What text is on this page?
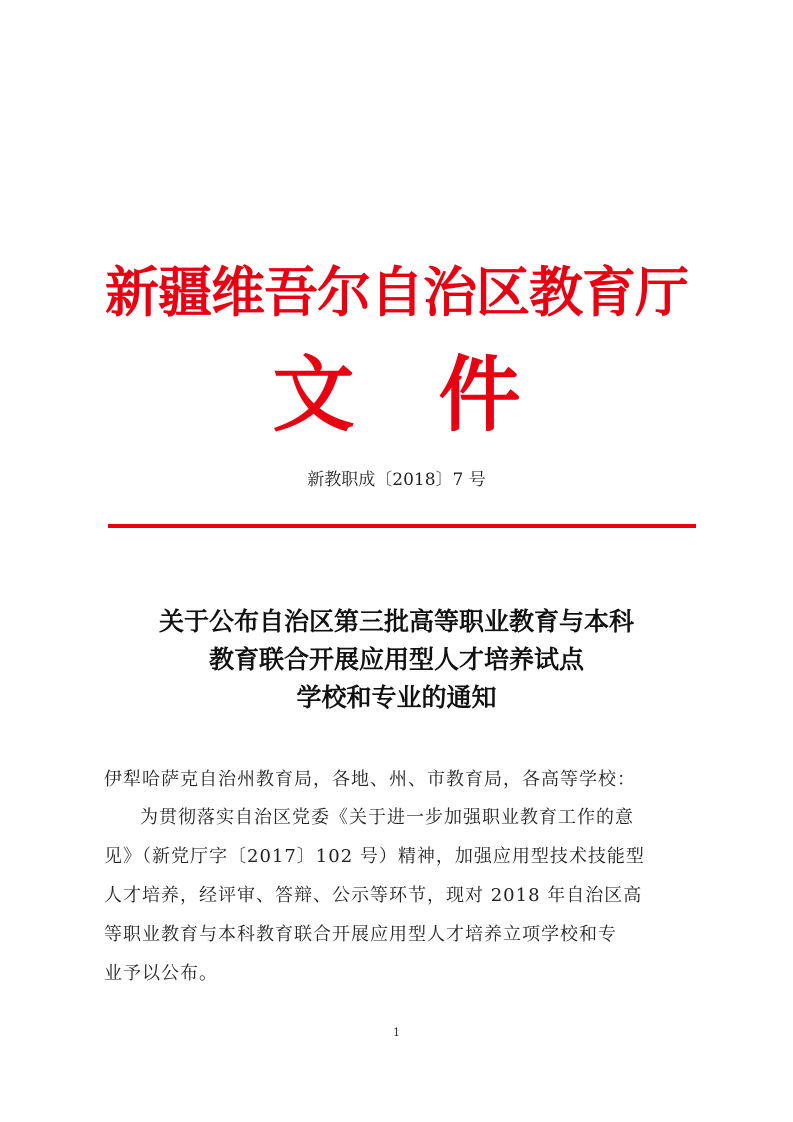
新疆维吾尔自治区教育厅
文件
新教职成〔2018〕7 号
关于公布自治区第三批高等职业教育与本科
教育联合开展应用型人才培养试点
学校和专业的通知
伊犁哈萨克自治州教育局，各地、州、市教育局，各高等学校：
为贯彻落实自治区党委《关于进一步加强职业教育工作的意
见》（新党厅字〔2017〕102 号）精神，加强应用型技术技能型
人才培养，经评审、答辩、公示等环节，现对 2018 年自治区高
等职业教育与本科教育联合开展应用型人才培养立项学校和专
业予以公布。
1
